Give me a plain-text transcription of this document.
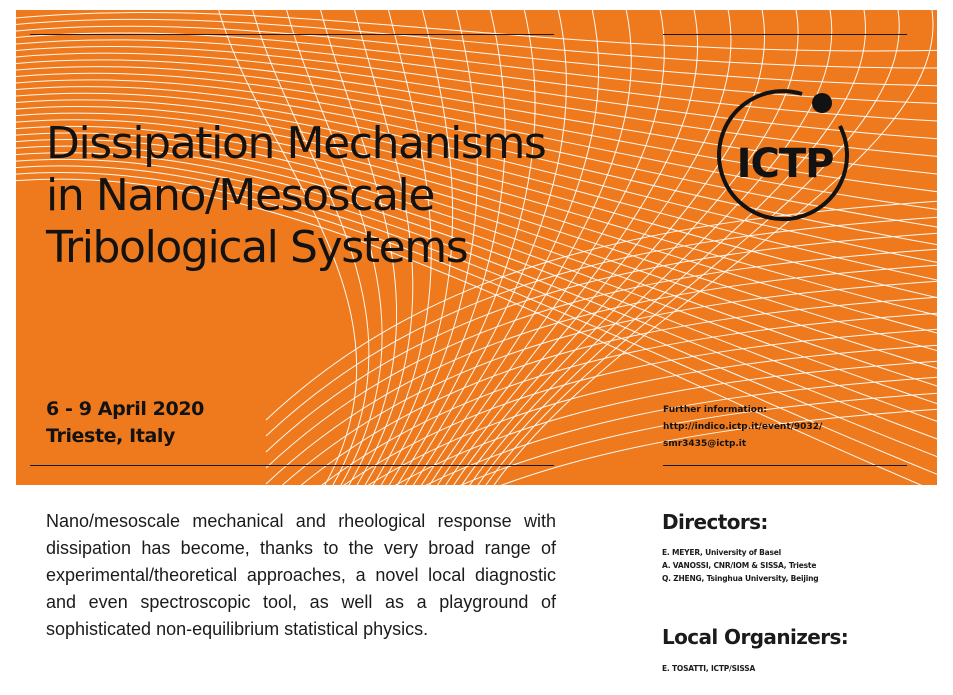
Dissipation Mechanisms
in Nano/Mesoscale
Tribological Systems
ICTP
6 - 9 April 2020
Trieste, Italy
Further information:
http://indico.ictp.it/event/9032/
smr3435@ictp.it

Nano/mesoscale mechanical and rheological response with dissipation has become, thanks to the very broad range of experimental/theoretical approaches, a novel local diagnostic and even spectroscopic tool, as well as a playground of sophisticated non-equilibrium statistical physics.

Directors:
E. MEYER, University of Basel
A. VANOSSI, CNR/IOM & SISSA, Trieste
Q. ZHENG, Tsinghua University, Beijing
Local Organizers:
E. TOSATTI, ICTP/SISSA
